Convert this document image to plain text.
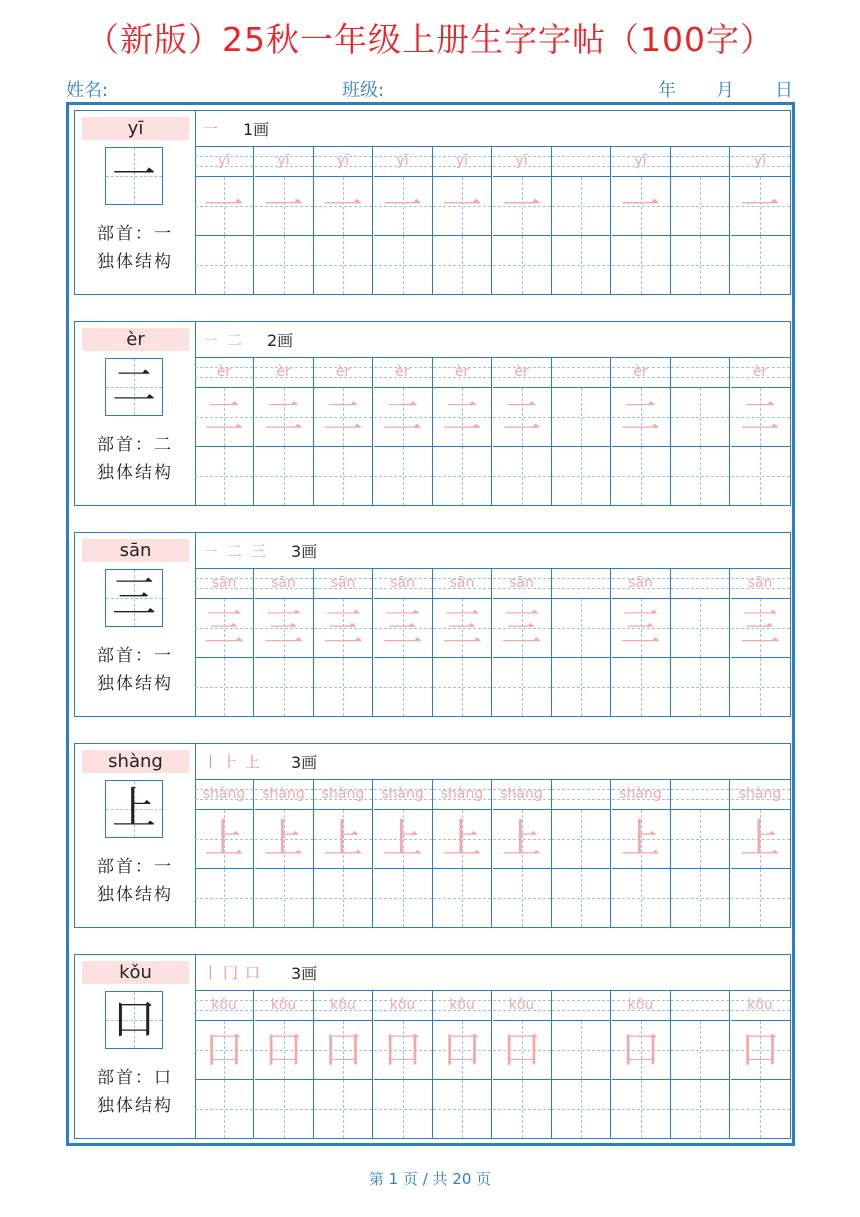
（新版）25秋一年级上册生字字帖（100字）
姓名:	班级:	年 月 日
yī
一
部首：一
独体结构
一	1画
yī
一
yī
一
yī
一
yī
一
yī
一
yī
一
yī
一
yī
一
èr
二
部首：二
独体结构
㇐ 二	2画
èr
二
èr
二
èr
二
èr
二
èr
二
èr
二
èr
二
èr
二
sān
三
部首：一
独体结构
㇐ 二 三	3画
sān
三
sān
三
sān
三
sān
三
sān
三
sān
三
sān
三
sān
三
shàng
上
部首：一
独体结构
丨 ⺊ 上	3画
shàng
上
shàng
上
shàng
上
shàng
上
shàng
上
shàng
上
shàng
上
shàng
上
kǒu
口
部首：口
独体结构
丨 冂 口	3画
kǒu
口
kǒu
口
kǒu
口
kǒu
口
kǒu
口
kǒu
口
kǒu
口
kǒu
口
第 1 页 / 共 20 页
